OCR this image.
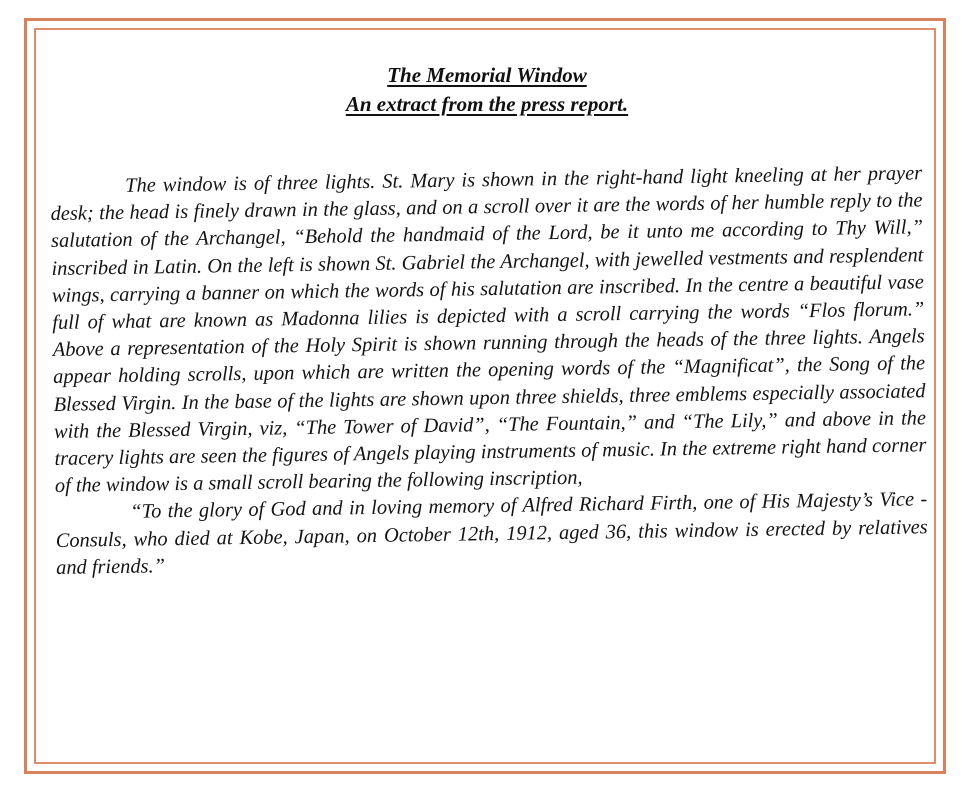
The Memorial Window
An extract from the press report.

The window is of three lights. St. Mary is shown in the right-hand light kneeling at her prayer desk; the head is finely drawn in the glass, and on a scroll over it are the words of her humble reply to the salutation of the Archangel, “Behold the handmaid of the Lord, be it unto me according to Thy Will,” inscribed in Latin. On the left is shown St. Gabriel the Archangel, with jewelled vestments and resplendent wings, carrying a banner on which the words of his salutation are inscribed. In the centre a beautiful vase full of what are known as Madonna lilies is depicted with a scroll carrying the words “Flos florum.” Above a representation of the Holy Spirit is shown running through the heads of the three lights. Angels appear holding scrolls, upon which are written the opening words of the “Magnificat”, the Song of the Blessed Virgin. In the base of the lights are shown upon three shields, three emblems especially associated with the Blessed Virgin, viz, “The Tower of David”, “The Fountain,” and “The Lily,” and above in the tracery lights are seen the figures of Angels playing instruments of music. In the extreme right hand corner of the window is a small scroll bearing the following inscription,

“To the glory of God and in loving memory of Alfred Richard Firth, one of His Majesty’s Vice - Consuls, who died at Kobe, Japan, on October 12th, 1912, aged 36, this window is erected by relatives and friends.”
